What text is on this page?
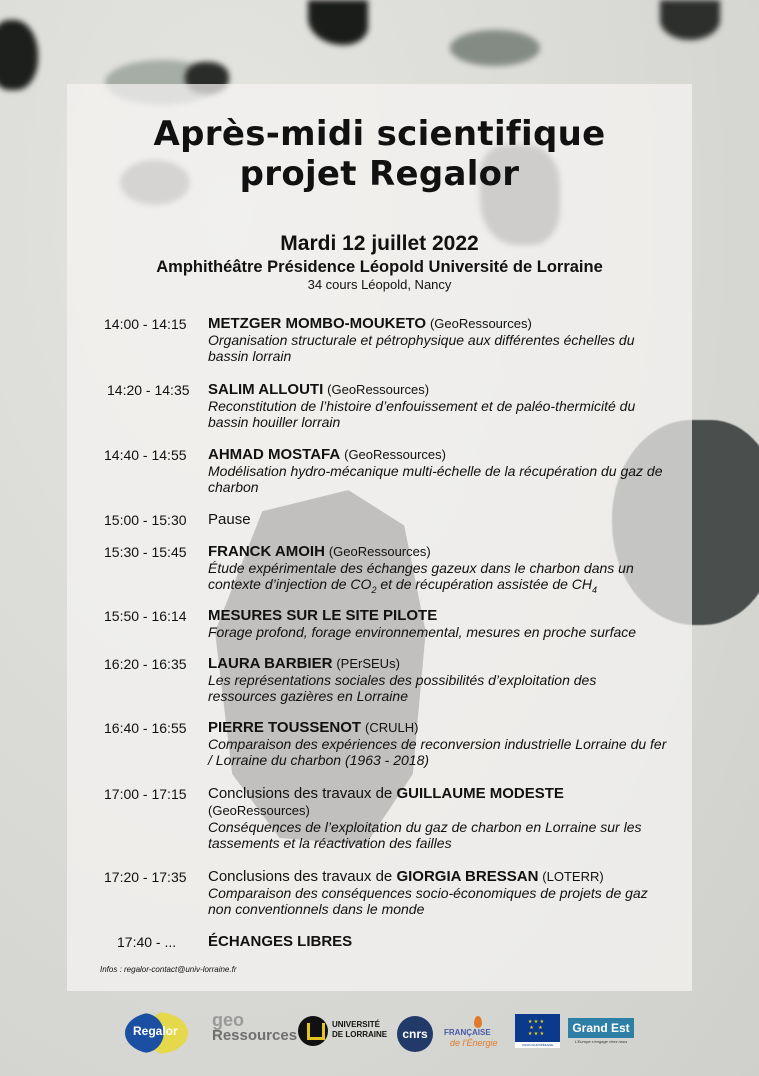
Après-midi scientifique
projet Regalor
Mardi 12 juillet 2022
Amphithéâtre Présidence Léopold Université de Lorraine
34 cours Léopold, Nancy
14:00 - 14:15	METZGER MOMBO-MOUKETO (GeoRessources)
Organisation structurale et pétrophysique aux différentes échelles du bassin lorrain
14:20 - 14:35	SALIM ALLOUTI (GeoRessources)
Reconstitution de l’histoire d’enfouissement et de paléo-thermicité du bassin houiller lorrain
14:40 - 14:55	AHMAD MOSTAFA (GeoRessources)
Modélisation hydro-mécanique multi-échelle de la récupération du gaz de charbon
15:00 - 15:30	Pause
15:30 - 15:45	FRANCK AMOIH (GeoRessources)
Étude expérimentale des échanges gazeux dans le charbon dans un contexte d’injection de $CO_2$ et de récupération assistée de $CH_4$
15:50 - 16:14	MESURES SUR LE SITE PILOTE
Forage profond, forage environnemental, mesures en proche surface
16:20 - 16:35	LAURA BARBIER (PErSEUs)
Les représentations sociales des possibilités d’exploitation des ressources gazières en Lorraine
16:40 - 16:55	PIERRE TOUSSENOT (CRULH)
Comparaison des expériences de reconversion industrielle Lorraine du fer / Lorraine du charbon (1963 - 2018)
17:00 - 17:15	Conclusions des travaux de GUILLAUME MODESTE (GeoRessources)
Conséquences de l’exploitation du gaz de charbon en Lorraine sur les tassements et la réactivation des failles
17:20 - 17:35	Conclusions des travaux de GIORGIA BRESSAN (LOTERR)
Comparaison des conséquences socio-économiques de projets de gaz non conventionnels dans le monde
17:40 - ...	ÉCHANGES LIBRES
Infos : regalor-contact@univ-lorraine.fr
Regalor
geo
Ressources
UNIVERSITÉ
DE LORRAINE	cnrs	FRANÇAISE
de l’Énergie
★ ★ ★
★   ★
★ ★ ★
UNION EUROPÉENNE
Grand Est
L’Europe s’engage chez nous
